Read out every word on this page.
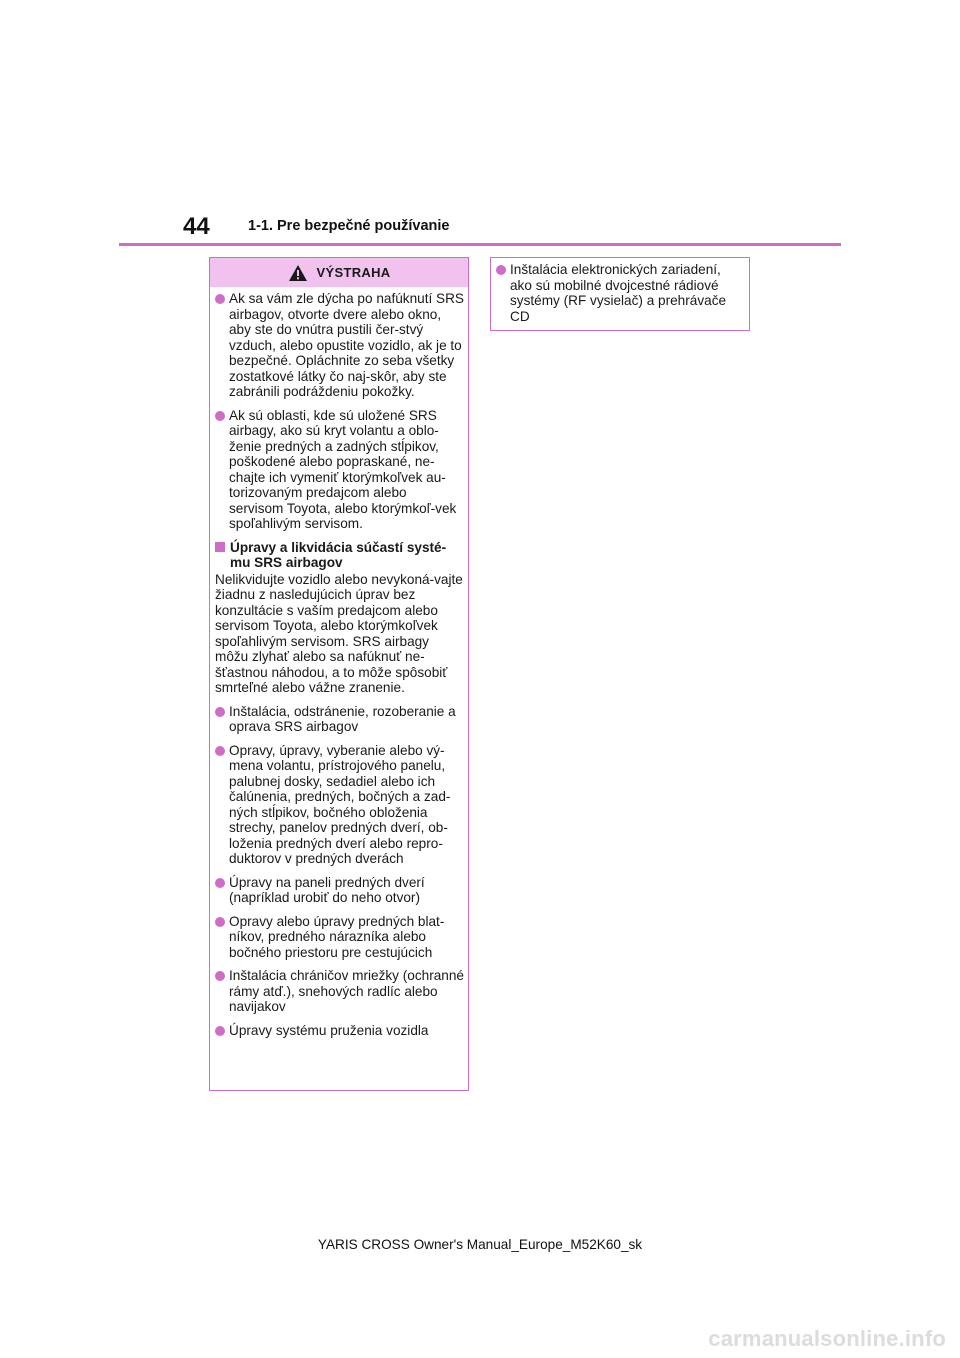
44	1-1. Pre bezpečné používanie
VÝSTRAHA
Ak sa vám zle dýcha po nafúknutí SRS airbagov, otvorte dvere alebo okno, aby ste do vnútra pustili čer-stvý vzduch, alebo opustite vozidlo, ak je to bezpečné. Opláchnite zo seba všetky zostatkové látky čo naj-skôr, aby ste zabránili podráždeniu pokožky.
Ak sú oblasti, kde sú uložené SRS airbagy, ako sú kryt volantu a oblo-ženie predných a zadných stĺpikov, poškodené alebo popraskané, ne-chajte ich vymeniť ktorýmkoľvek au-torizovaným predajcom alebo servisom Toyota, alebo ktorýmkoľ-vek spoľahlivým servisom.
Úpravy a likvidácia súčastí systé-mu SRS airbagov
Nelikvidujte vozidlo alebo nevykoná-vajte žiadnu z nasledujúcich úprav bez konzultácie s vaším predajcom alebo servisom Toyota, alebo ktorýmkoľvek spoľahlivým servisom. SRS airbagy môžu zlyhať alebo sa nafúknuť ne-šťastnou náhodou, a to môže spôsobiť smrteľné alebo vážne zranenie.
Inštalácia, odstránenie, rozoberanie a oprava SRS airbagov
Opravy, úpravy, vyberanie alebo vý-mena volantu, prístrojového panelu, palubnej dosky, sedadiel alebo ich čalúnenia, predných, bočných a zad-ných stĺpikov, bočného obloženia strechy, panelov predných dverí, ob-loženia predných dverí alebo repro-duktorov v predných dverách
Úpravy na paneli predných dverí (napríklad urobiť do neho otvor)
Opravy alebo úpravy predných blat-níkov, predného nárazníka alebo bočného priestoru pre cestujúcich
Inštalácia chráničov mriežky (ochranné rámy atď.), snehových radlíc alebo navijakov
Úpravy systému pruženia vozidla
Inštalácia elektronických zariadení, ako sú mobilné dvojcestné rádiové systémy (RF vysielač) a prehrávače CD
YARIS CROSS Owner's Manual_Europe_M52K60_sk
carmanualsonline.info
